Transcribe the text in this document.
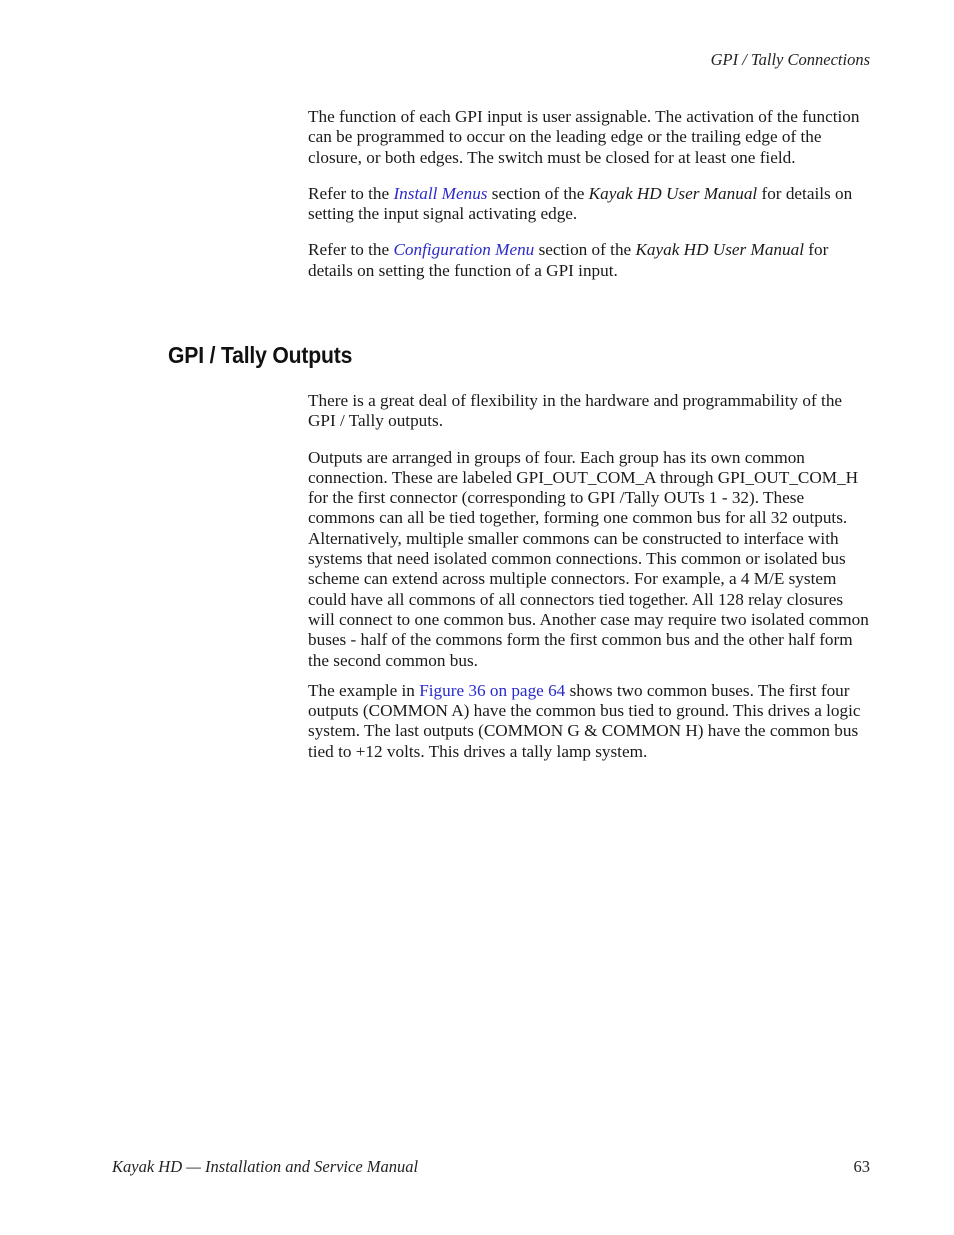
GPI / Tally Connections

The function of each GPI input is user assignable. The activation of the function can be programmed to occur on the leading edge or the trailing edge of the closure, or both edges. The switch must be closed for at least one field.

Refer to the Install Menus section of the Kayak HD User Manual for details on setting the input signal activating edge.

Refer to the Configuration Menu section of the Kayak HD User Manual for details on setting the function of a GPI input.

GPI / Tally Outputs

There is a great deal of flexibility in the hardware and programmability of the GPI / Tally outputs.

Outputs are arranged in groups of four. Each group has its own common connection. These are labeled GPI_OUT_COM_A through GPI_OUT_COM_H for the first connector (corresponding to GPI /Tally OUTs 1 - 32). These commons can all be tied together, forming one common bus for all 32 outputs. Alternatively, multiple smaller commons can be constructed to interface with systems that need isolated common connections. This common or isolated bus scheme can extend across multiple connectors. For example, a 4 M/E system could have all commons of all connectors tied together. All 128 relay closures will connect to one common bus. Another case may require two isolated common buses - half of the commons form the first common bus and the other half form the second common bus.

The example in Figure 36 on page 64 shows two common buses. The first four outputs (COMMON A) have the common bus tied to ground. This drives a logic system. The last outputs (COMMON G & COMMON H) have the common bus tied to +12 volts. This drives a tally lamp system.

Kayak HD — Installation and Service Manual	63
